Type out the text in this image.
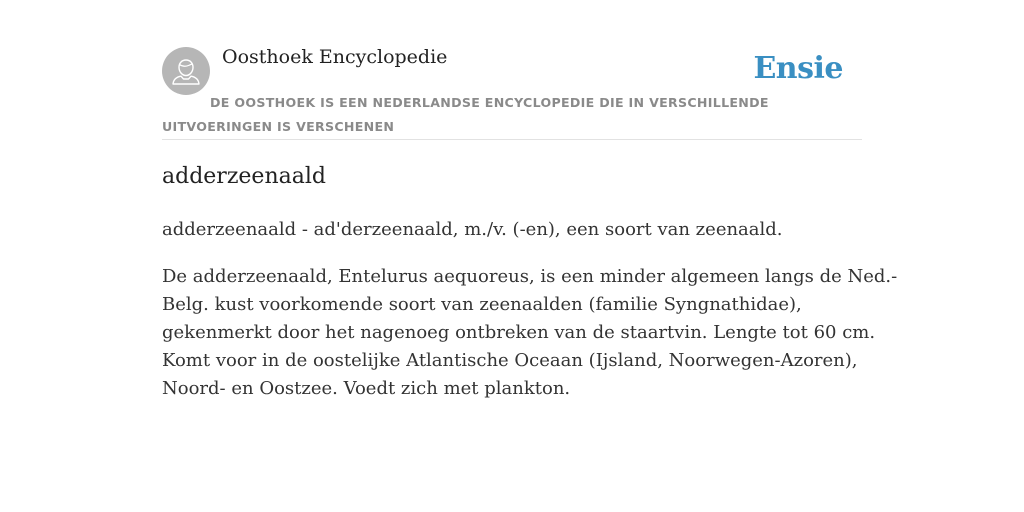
Oosthoek Encyclopedie	Ensie
DE OOSTHOEK IS EEN NEDERLANDSE ENCYCLOPEDIE DIE IN VERSCHILLENDE UITVOERINGEN IS VERSCHENEN
adderzeenaald
adderzeenaald - ad'derzeenaald, m./v. (-en), een soort van zeenaald.
De adderzeenaald, Entelurus aequoreus, is een minder algemeen langs de Ned.-
Belg. kust voorkomende soort van zeenaalden (familie Syngnathidae),
gekenmerkt door het nagenoeg ontbreken van de staartvin. Lengte tot 60 cm.
Komt voor in de oostelijke Atlantische Oceaan (Ijsland, Noorwegen-Azoren),
Noord- en Oostzee. Voedt zich met plankton.
